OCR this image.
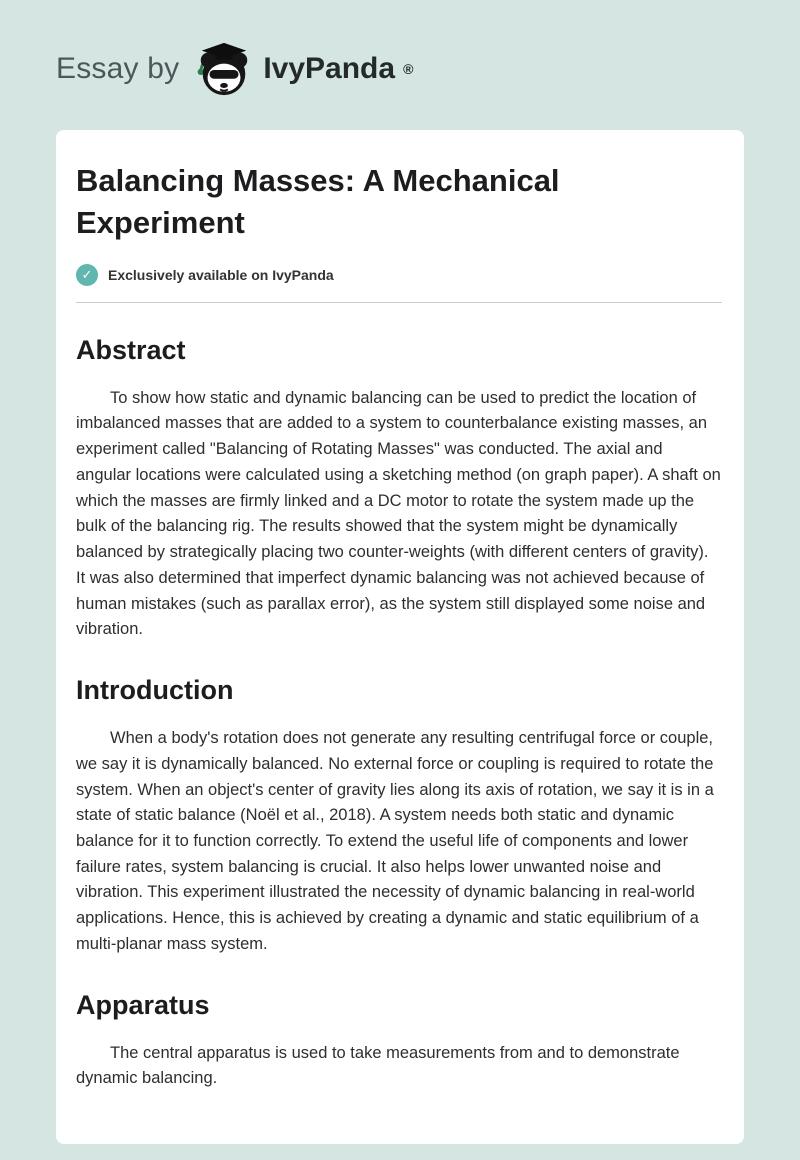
Essay by	IvyPanda ®
Balancing Masses: A Mechanical Experiment
✓	Exclusively available on IvyPanda
Abstract

To show how static and dynamic balancing can be used to predict the location of imbalanced masses that are added to a system to counterbalance existing masses, an experiment called "Balancing of Rotating Masses" was conducted. The axial and angular locations were calculated using a sketching method (on graph paper). A shaft on which the masses are firmly linked and a DC motor to rotate the system made up the bulk of the balancing rig. The results showed that the system might be dynamically balanced by strategically placing two counter-weights (with different centers of gravity). It was also determined that imperfect dynamic balancing was not achieved because of human mistakes (such as parallax error), as the system still displayed some noise and vibration.

Introduction

When a body's rotation does not generate any resulting centrifugal force or couple, we say it is dynamically balanced. No external force or coupling is required to rotate the system. When an object's center of gravity lies along its axis of rotation, we say it is in a state of static balance (Noël et al., 2018). A system needs both static and dynamic balance for it to function correctly. To extend the useful life of components and lower failure rates, system balancing is crucial. It also helps lower unwanted noise and vibration. This experiment illustrated the necessity of dynamic balancing in real-world applications. Hence, this is achieved by creating a dynamic and static equilibrium of a multi-planar mass system.

Apparatus

The central apparatus is used to take measurements from and to demonstrate dynamic balancing.
